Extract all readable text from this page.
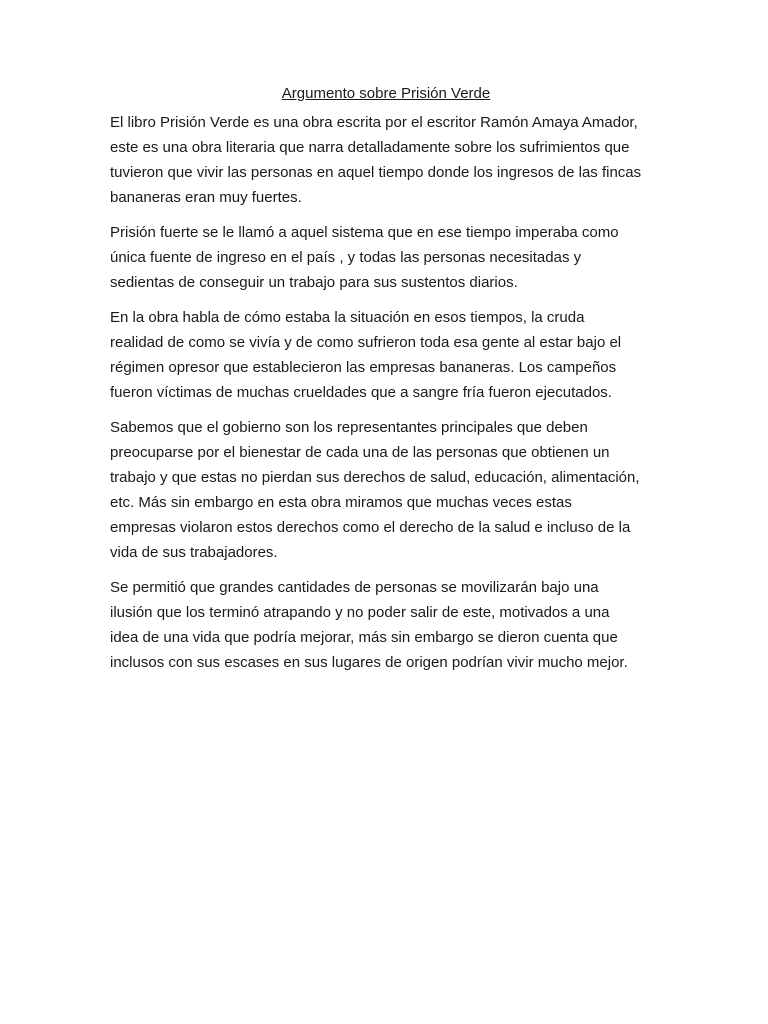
Argumento sobre Prisión Verde
El libro Prisión Verde es una obra escrita por el escritor Ramón Amaya Amador,
este es una obra literaria que narra detalladamente sobre los sufrimientos que
tuvieron que vivir las personas en aquel tiempo donde los ingresos de las fincas
bananeras eran muy fuertes.
Prisión fuerte se le llamó a aquel sistema que en ese tiempo imperaba como
única fuente de ingreso en el país , y todas las personas necesitadas y
sedientas de conseguir un trabajo para sus sustentos diarios.
En la obra habla de cómo estaba la situación en esos tiempos, la cruda
realidad de como se vivía y de como sufrieron toda esa gente al estar bajo el
régimen opresor que establecieron las empresas bananeras. Los campeños
fueron víctimas de muchas crueldades que a sangre fría fueron ejecutados.
Sabemos que el gobierno son los representantes principales que deben
preocuparse por el bienestar de cada una de las personas que obtienen un
trabajo y que estas no pierdan sus derechos de salud, educación, alimentación,
etc. Más sin embargo en esta obra miramos que muchas veces estas
empresas violaron estos derechos como el derecho de la salud e incluso de la
vida de sus trabajadores.
Se permitió que grandes cantidades de personas se movilizarán bajo una
ilusión que los terminó atrapando y no poder salir de este, motivados a una
idea de una vida que podría mejorar, más sin embargo se dieron cuenta que
inclusos con sus escases en sus lugares de origen podrían vivir mucho mejor.
